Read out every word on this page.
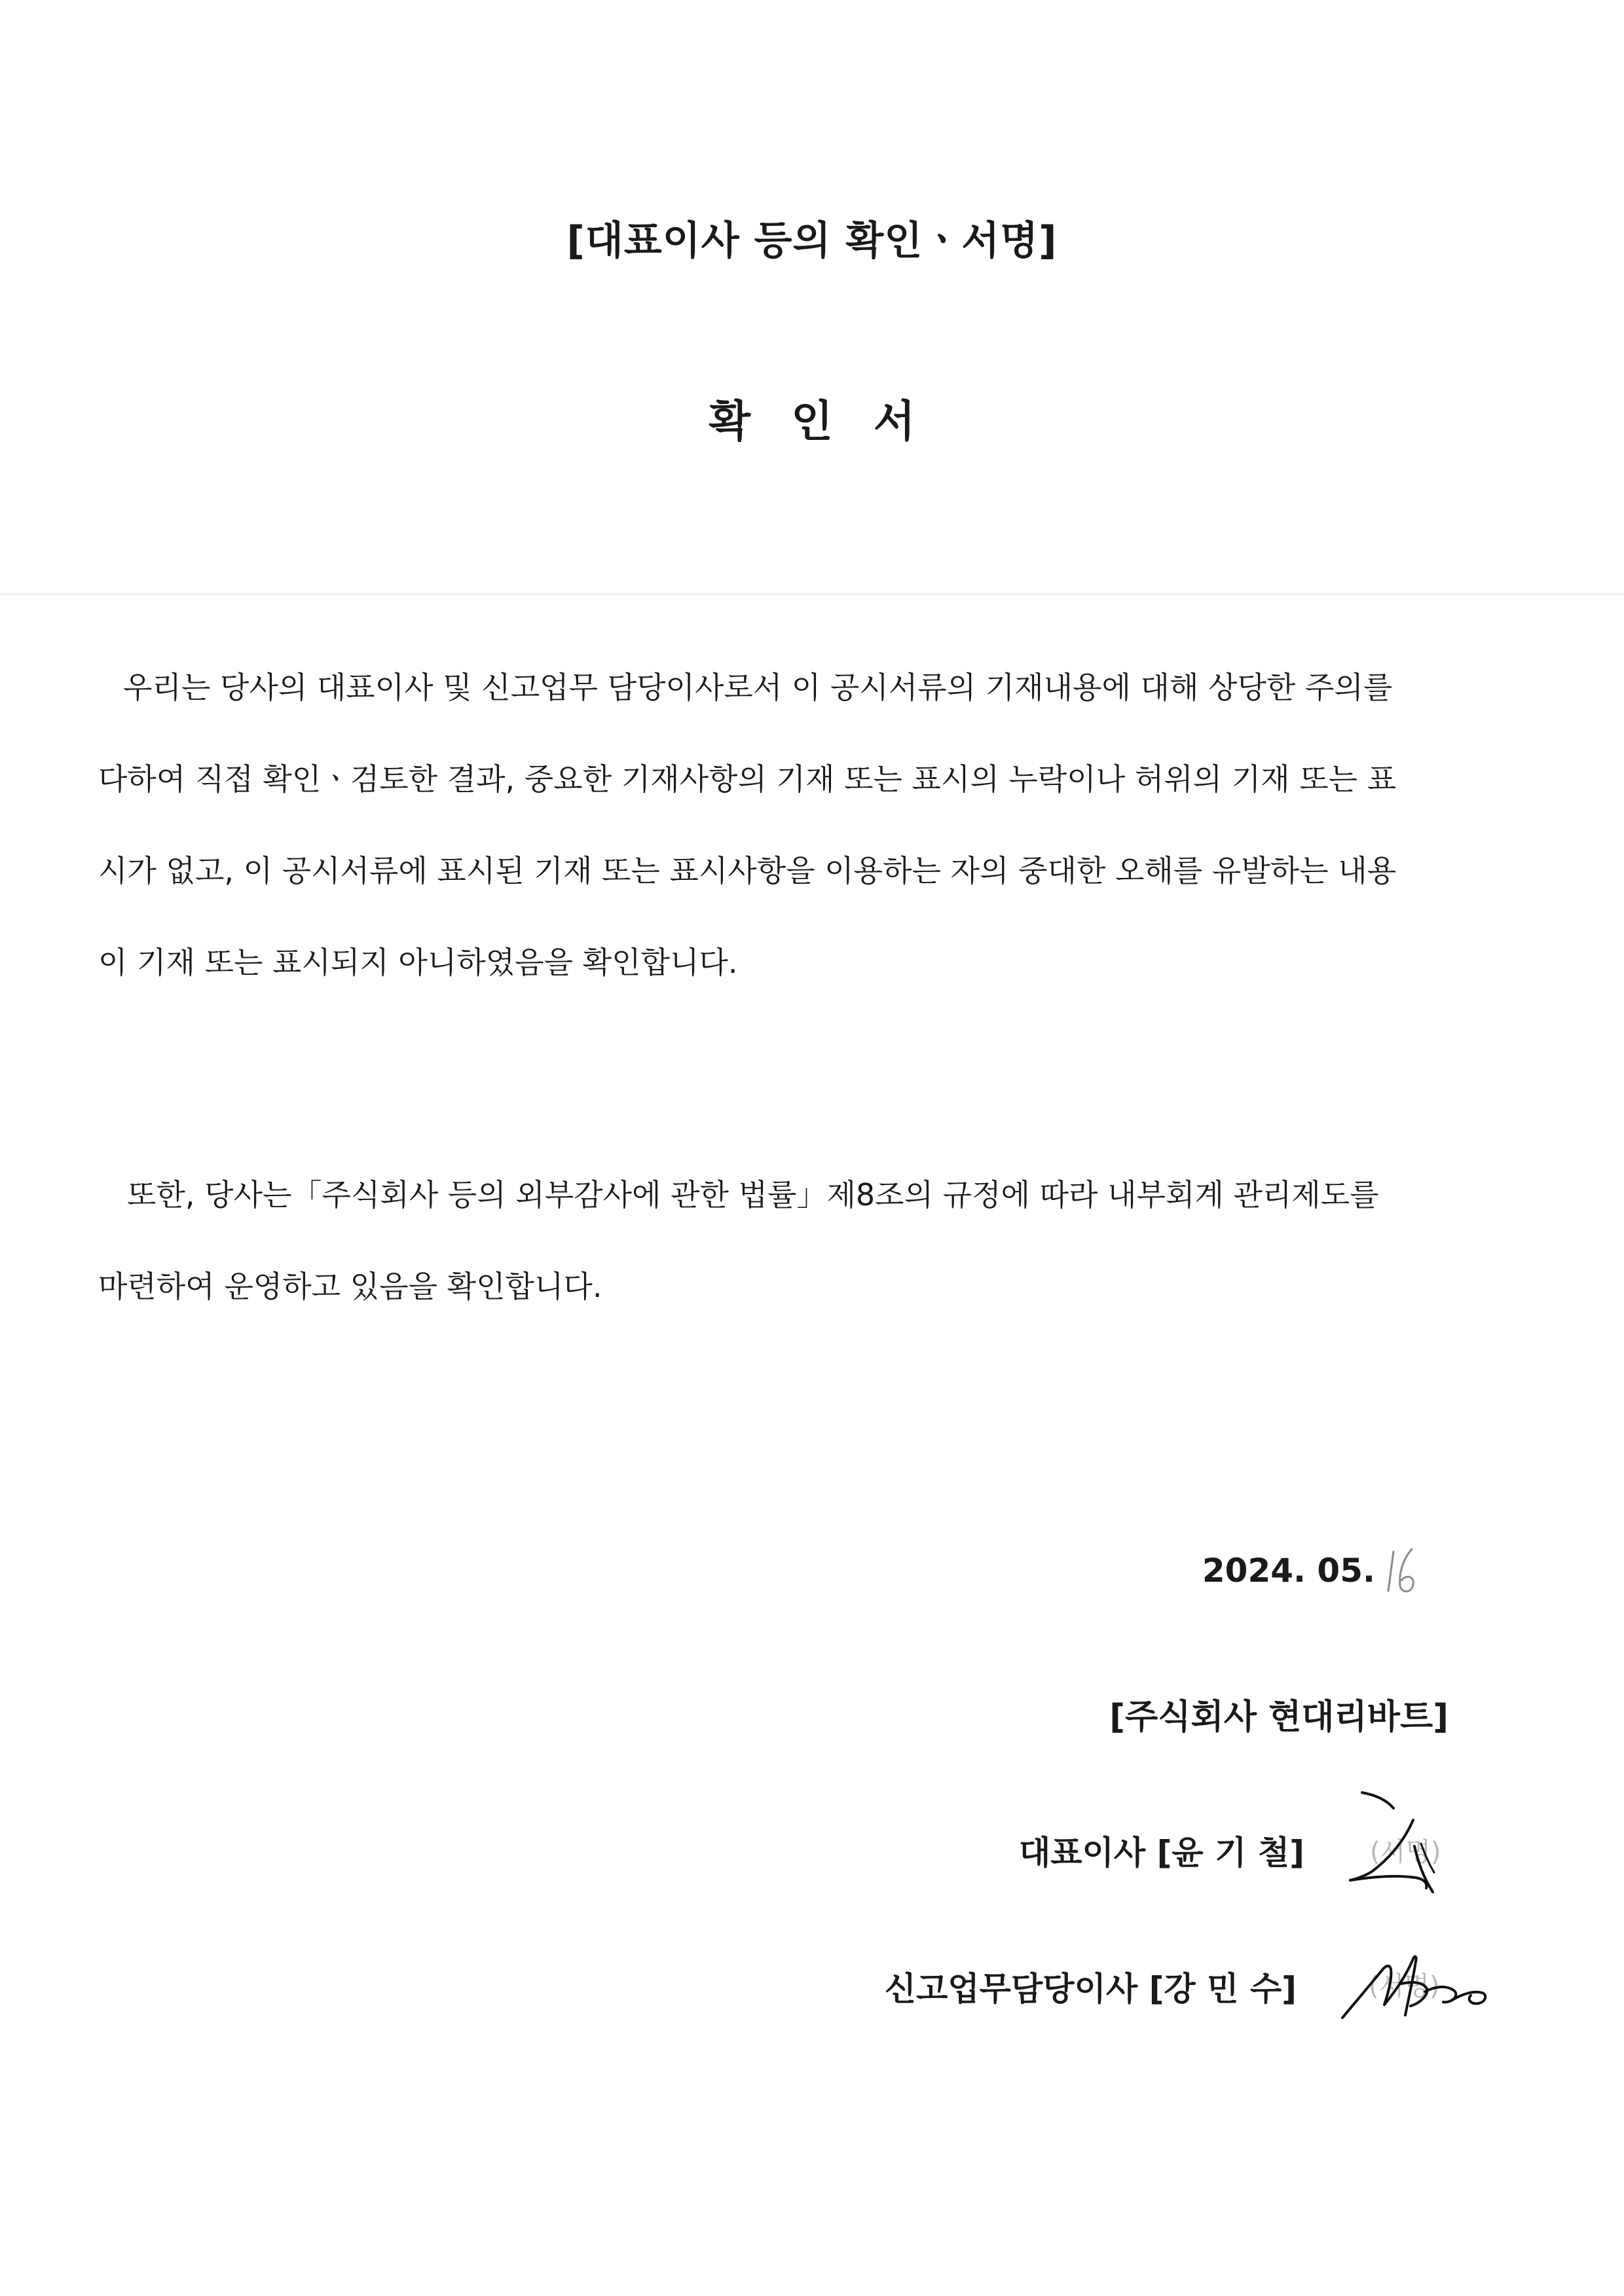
[대표이사 등의 확인ㆍ서명]
확인서
우리는 당사의 대표이사 및 신고업무 담당이사로서 이 공시서류의 기재내용에 대해 상당한 주의를
다하여 직접 확인ㆍ검토한 결과, 중요한 기재사항의 기재 또는 표시의 누락이나 허위의 기재 또는 표
시가 없고, 이 공시서류에 표시된 기재 또는 표시사항을 이용하는 자의 중대한 오해를 유발하는 내용
이 기재 또는 표시되지 아니하였음을 확인합니다.
또한, 당사는「주식회사 등의 외부감사에 관한 법률」제8조의 규정에 따라 내부회계 관리제도를
마련하여 운영하고 있음을 확인합니다.
2024. 05.
[주식회사 현대리바트]
대표이사 [윤 기 철]	(서명)
신고업무담당이사 [강 민 수]	(서명)
